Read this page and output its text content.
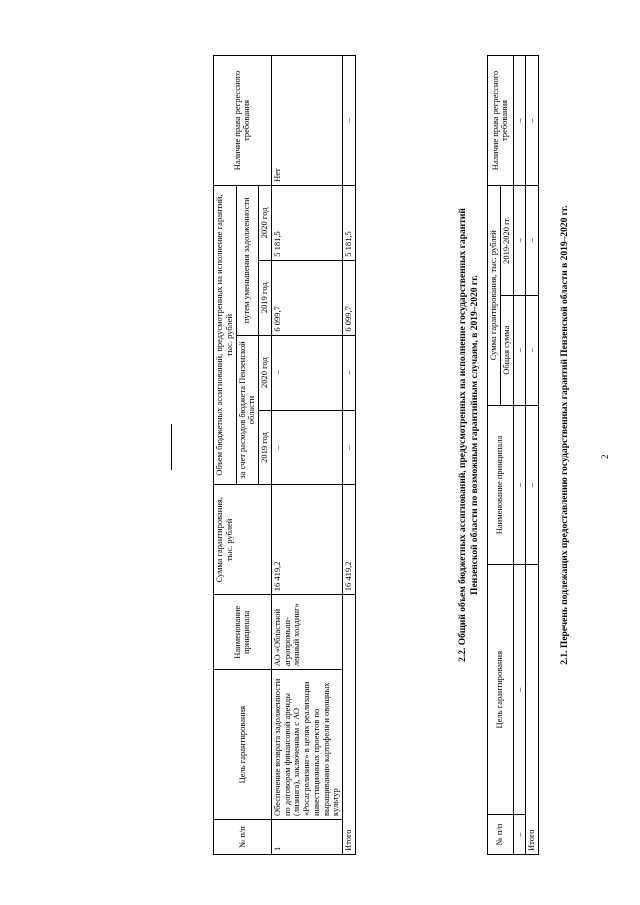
2
2.1. Перечень подлежащих предоставлению государственных гарантий Пензенской области в 2019–2020 гг.
№ п/п	Цель гарантирования	Наименование принципала	Сумма гарантирования, тыс. рублей		Наличие права регрессного требования
			Общая сумма	2019-2020 гг.	
–	–	–	–	–	–
Итого		–	–	–	–
2.2. Общий объем бюджетных ассигнований, предусмотренных на исполнение государственных гарантий Пензенской области по возможным гарантийным случаям, в 2019–2020 гг.
№ п/п	Цель гарантирования	Наименование принципала	Сумма гарантирования, тыс. рублей	Объем бюджетных ассигнований, предусмотренных на исполнение гарантий, тыс. рублей				Наличие права регрессного требования
				за счет расходов бюджета Пензенской области		путем уменьшения задолженности		
				2019 год	2020 год	2019 год	2020 год	
1	Обеспечение возврата задолженности по договорам финансовой аренды (лизинга), заключенным с АО «Росагролизинг» в целях реализации инвестиционных проектов по выращиванию картофеля и овощных культур	АО «Областной агропромыш-ленный холдинг»	16 419,2	–	–	6 099,7	5 181,5	Нет
Итого			16 419,2	–	–	6 099,7	5 181,5	–
